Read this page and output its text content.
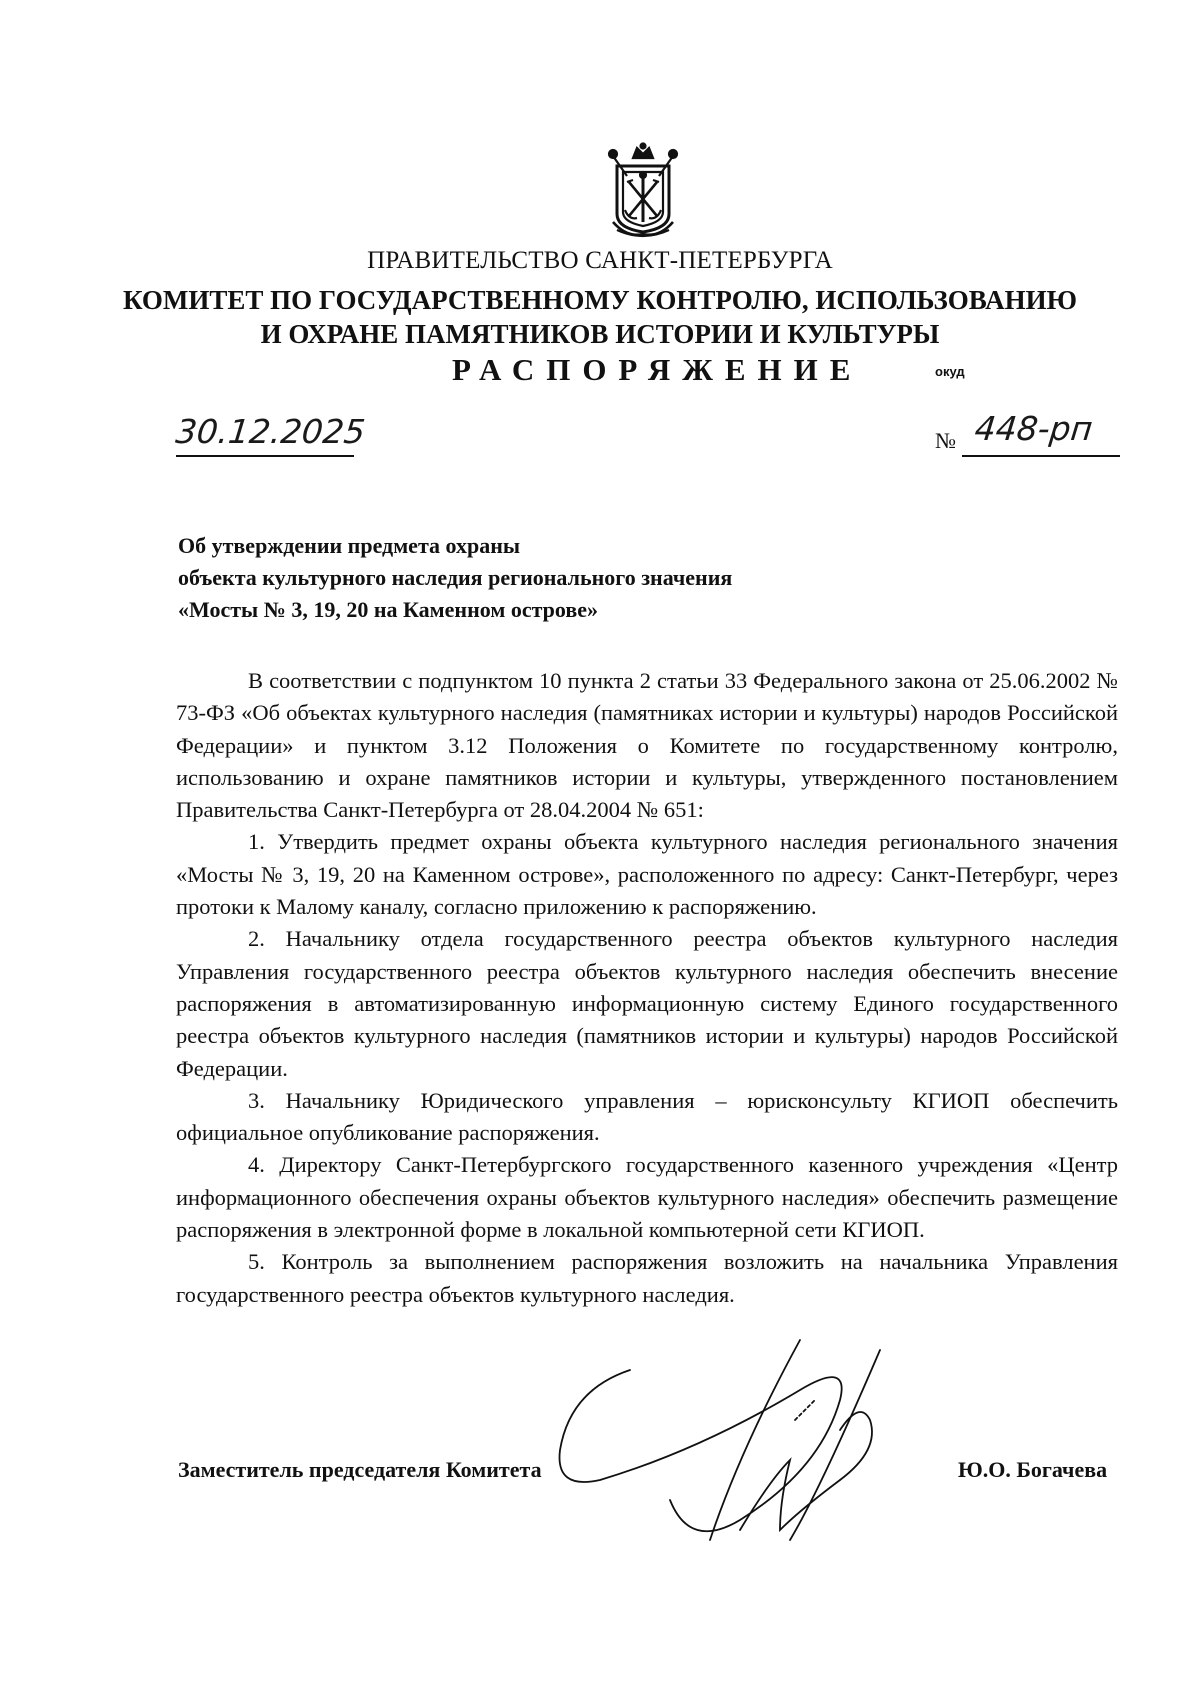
ПРАВИТЕЛЬСТВО САНКТ-ПЕТЕРБУРГА
КОМИТЕТ ПО ГОСУДАРСТВЕННОМУ КОНТРОЛЮ, ИСПОЛЬЗОВАНИЮ
И ОХРАНЕ ПАМЯТНИКОВ ИСТОРИИ И КУЛЬТУРЫ
РАСПОРЯЖЕНИЕ	окуд
30.12.2025	№ 448-рп
Об утверждении предмета охраны
объекта культурного наследия регионального значения
«Мосты № 3, 19, 20 на Каменном острове»

В соответствии с подпунктом 10 пункта 2 статьи 33 Федерального закона от 25.06.2002 № 73-ФЗ «Об объектах культурного наследия (памятниках истории и культуры) народов Российской Федерации» и пунктом 3.12 Положения о Комитете по государственному контролю, использованию и охране памятников истории и культуры, утвержденного постановлением Правительства Санкт-Петербурга от 28.04.2004 № 651:

1. Утвердить предмет охраны объекта культурного наследия регионального значения «Мосты № 3, 19, 20 на Каменном острове», расположенного по адресу: Санкт-Петербург, через протоки к Малому каналу, согласно приложению к распоряжению.

2. Начальнику отдела государственного реестра объектов культурного наследия Управления государственного реестра объектов культурного наследия обеспечить внесение распоряжения в автоматизированную информационную систему Единого государственного реестра объектов культурного наследия (памятников истории и культуры) народов Российской Федерации.

3. Начальнику Юридического управления – юрисконсульту КГИОП обеспечить официальное опубликование распоряжения.

4. Директору Санкт-Петербургского государственного казенного учреждения «Центр информационного обеспечения охраны объектов культурного наследия» обеспечить размещение распоряжения в электронной форме в локальной компьютерной сети КГИОП.

5. Контроль за выполнением распоряжения возложить на начальника Управления государственного реестра объектов культурного наследия.

Заместитель председателя Комитета	Ю.О. Богачева
